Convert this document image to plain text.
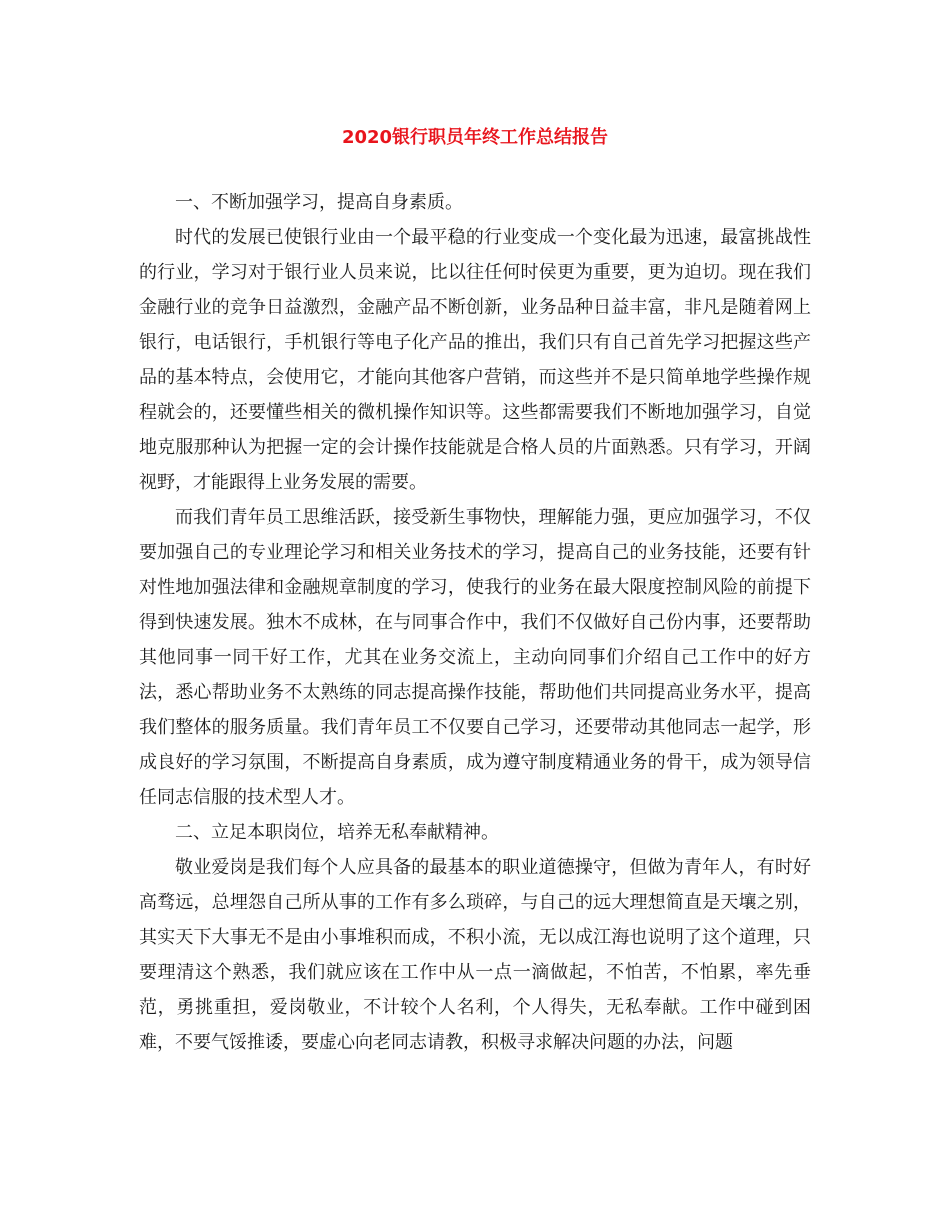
2020银行职员年终工作总结报告

一、不断加强学习，提高自身素质。

时代的发展已使银行业由一个最平稳的行业变成一个变化最为迅速，最富挑战性的行业，学习对于银行业人员来说，比以往任何时侯更为重要，更为迫切。现在我们金融行业的竞争日益激烈，金融产品不断创新，业务品种日益丰富，非凡是随着网上银行，电话银行，手机银行等电子化产品的推出，我们只有自己首先学习把握这些产品的基本特点，会使用它，才能向其他客户营销，而这些并不是只简单地学些操作规程就会的，还要懂些相关的微机操作知识等。这些都需要我们不断地加强学习，自觉地克服那种认为把握一定的会计操作技能就是合格人员的片面熟悉。只有学习，开阔视野，才能跟得上业务发展的需要。

而我们青年员工思维活跃，接受新生事物快，理解能力强，更应加强学习，不仅要加强自己的专业理论学习和相关业务技术的学习，提高自己的业务技能，还要有针对性地加强法律和金融规章制度的学习，使我行的业务在最大限度控制风险的前提下得到快速发展。独木不成林，在与同事合作中，我们不仅做好自己份内事，还要帮助其他同事一同干好工作，尤其在业务交流上，主动向同事们介绍自己工作中的好方法，悉心帮助业务不太熟练的同志提高操作技能，帮助他们共同提高业务水平，提高我们整体的服务质量。我们青年员工不仅要自己学习，还要带动其他同志一起学，形成良好的学习氛围，不断提高自身素质，成为遵守制度精通业务的骨干，成为领导信任同志信服的技术型人才。

二、立足本职岗位，培养无私奉献精神。

敬业爱岗是我们每个人应具备的最基本的职业道德操守，但做为青年人，有时好高骛远，总埋怨自己所从事的工作有多么琐碎，与自己的远大理想简直是天壤之别，其实天下大事无不是由小事堆积而成，不积小流，无以成江海也说明了这个道理，只要理清这个熟悉，我们就应该在工作中从一点一滴做起，不怕苦，不怕累，率先垂范，勇挑重担，爱岗敬业，不计较个人名利，个人得失，无私奉献。工作中碰到困难，不要气馁推诿，要虚心向老同志请教，积极寻求解决问题的办法，问题
